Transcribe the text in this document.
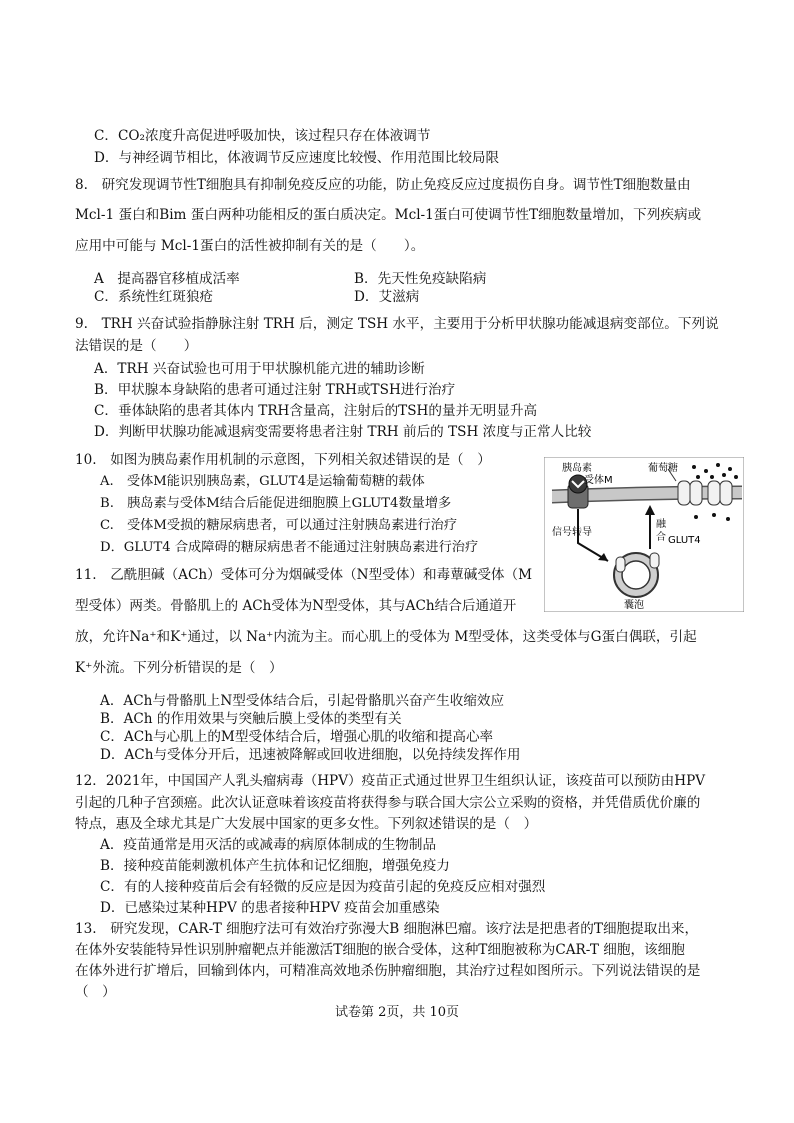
C．CO₂浓度升高促进呼吸加快，该过程只存在体液调节
D．与神经调节相比，体液调节反应速度比较慢、作用范围比较局限
8.　研究发现调节性T细胞具有抑制免疫反应的功能，防止免疫反应过度损伤自身。调节性T细胞数量由
Mcl-1 蛋白和Bim 蛋白两种功能相反的蛋白质决定。Mcl-1蛋白可使调节性T细胞数量增加，下列疾病或
应用中可能与 Mcl-1蛋白的活性被抑制有关的是（　　）。
A　提高器官移植成活率	B．先天性免疫缺陷病
C．系统性红斑狼疮	D．艾滋病
9.　TRH 兴奋试验指静脉注射 TRH 后，测定 TSH 水平，主要用于分析甲状腺功能减退病变部位。下列说
法错误的是（　　）
A．TRH 兴奋试验也可用于甲状腺机能亢进的辅助诊断
B．甲状腺本身缺陷的患者可通过注射 TRH或TSH进行治疗
C．垂体缺陷的患者其体内 TRH含量高，注射后的TSH的量并无明显升高
D．判断甲状腺功能减退病变需要将患者注射 TRH 前后的 TSH 浓度与正常人比较
10.　如图为胰岛素作用机制的示意图，下列相关叙述错误的是（　）
A.　受体M能识别胰岛素，GLUT4是运输葡萄糖的载体
B.　胰岛素与受体M结合后能促进细胞膜上GLUT4数量增多
C.　受体M受损的糖尿病患者，可以通过注射胰岛素进行治疗
D．GLUT4 合成障碍的糖尿病患者不能通过注射胰岛素进行治疗
11.　乙酰胆碱（ACh）受体可分为烟碱受体（N型受体）和毒蕈碱受体（M
型受体）两类。骨骼肌上的 ACh受体为N型受体，其与ACh结合后通道开
放，允许Na⁺和K⁺通过，以 Na⁺内流为主。而心肌上的受体为 M型受体，这类受体与G蛋白偶联，引起
K⁺外流。下列分析错误的是（　）
A．ACh与骨骼肌上N型受体结合后，引起骨骼肌兴奋产生收缩效应
B．ACh 的作用效果与突触后膜上受体的类型有关
C．ACh与心肌上的M型受体结合后，增强心肌的收缩和提高心率
D．ACh与受体分开后，迅速被降解或回收进细胞，以免持续发挥作用
12．2021年，中国国产人乳头瘤病毒（HPV）疫苗正式通过世界卫生组织认证，该疫苗可以预防由HPV
引起的几种子宫颈癌。此次认证意味着该疫苗将获得参与联合国大宗公立采购的资格，并凭借质优价廉的
特点，惠及全球尤其是广大发展中国家的更多女性。下列叙述错误的是（　）
A．疫苗通常是用灭活的或减毒的病原体制成的生物制品
B．接种疫苗能刺激机体产生抗体和记忆细胞，增强免疫力
C．有的人接种疫苗后会有轻微的反应是因为疫苗引起的免疫反应相对强烈
D．已感染过某种HPV 的患者接种HPV 疫苗会加重感染
13.　研究发现，CAR-T 细胞疗法可有效治疗弥漫大B 细胞淋巴瘤。该疗法是把患者的T细胞提取出来，
在体外安装能特异性识别肿瘤靶点并能激活T细胞的嵌合受体，这种T细胞被称为CAR-T 细胞，该细胞
在体外进行扩增后，回输到体内，可精准高效地杀伤肿瘤细胞，其治疗过程如图所示。下列说法错误的是
（　）
胰岛素
受体M
葡萄糖
信号转导
融
合 GLUT4
囊泡
试卷第 2页，共 10页
